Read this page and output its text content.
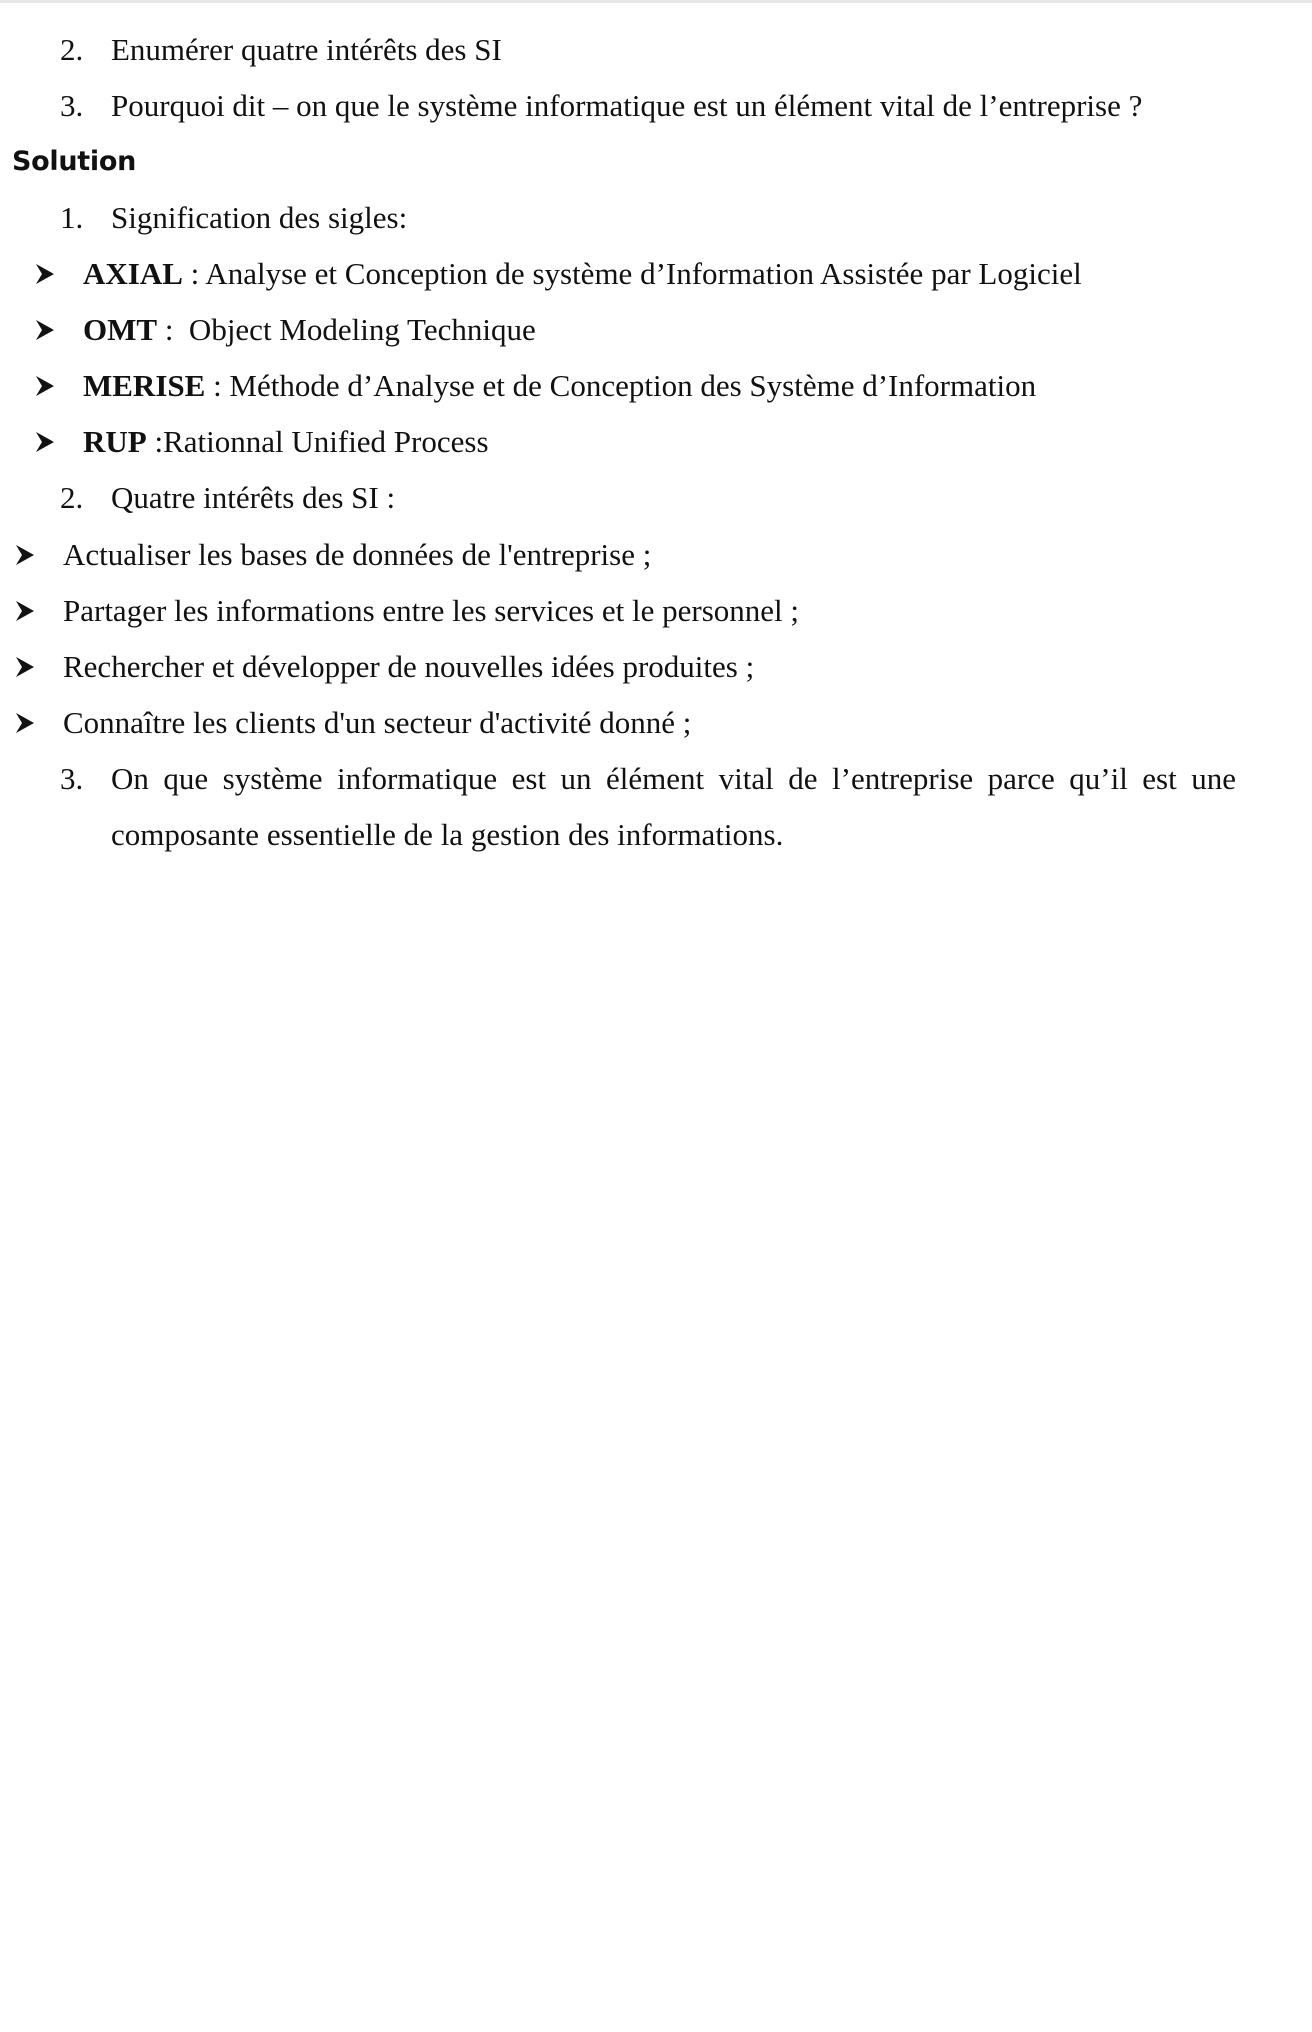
2. Enumérer quatre intérêts des SI
3. Pourquoi dit – on que le système informatique est un élément vital de l’entreprise ?
Solution
1. Signification des sigles:
AXIAL : Analyse et Conception de système d’Information Assistée par Logiciel
OMT :  Object Modeling Technique
MERISE : Méthode d’Analyse et de Conception des Système d’Information
RUP :Rationnal Unified Process
2. Quatre intérêts des SI :
Actualiser les bases de données de l'entreprise ;
Partager les informations entre les services et le personnel ;
Rechercher et développer de nouvelles idées produites ;
Connaître les clients d'un secteur d'activité donné ;
3. On que système informatique est un élément vital de l’entreprise parce qu’il est une
composante essentielle de la gestion des informations.
